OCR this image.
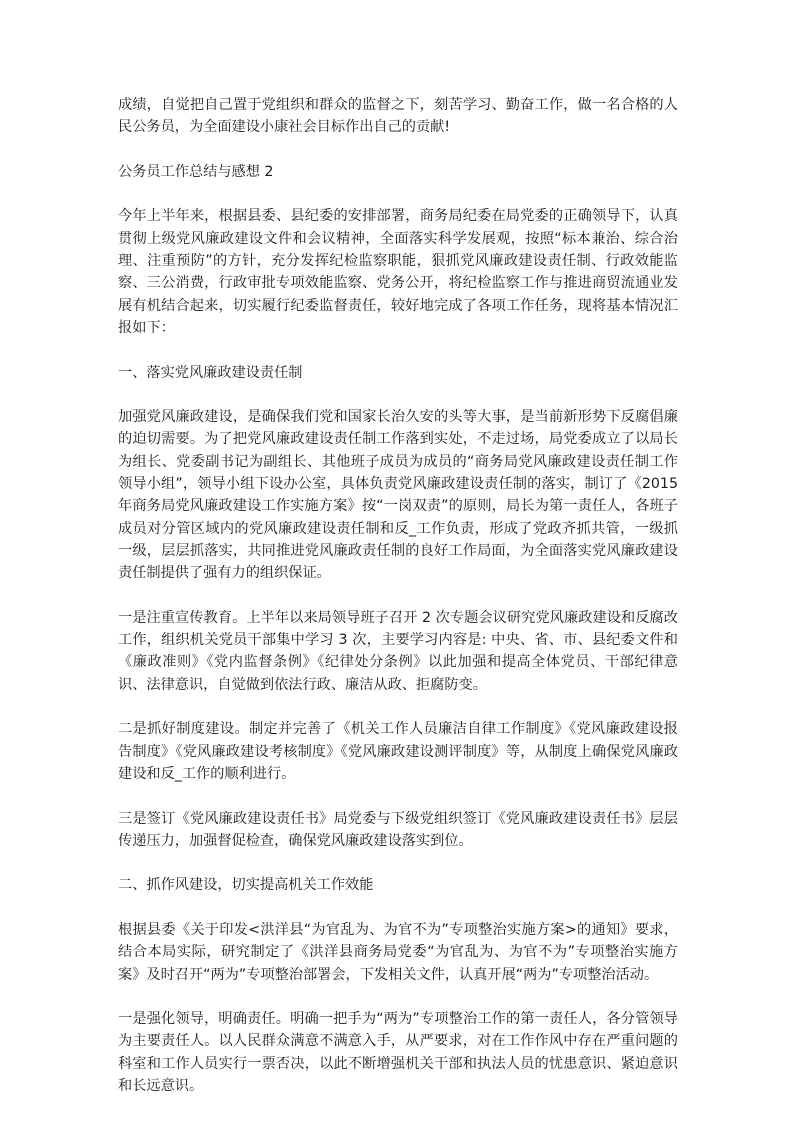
成绩，自觉把自己置于党组织和群众的监督之下，刻苦学习、勤奋工作，做一名合格的人民公务员，为全面建设小康社会目标作出自己的贡献!

公务员工作总结与感想 2

今年上半年来，根据县委、县纪委的安排部署，商务局纪委在局党委的正确领导下，认真贯彻上级党风廉政建设文件和会议精神，全面落实科学发展观，按照“标本兼治、综合治理、注重预防”的方针，充分发挥纪检监察职能，狠抓党风廉政建设责任制、行政效能监察、三公消费，行政审批专项效能监察、党务公开，将纪检监察工作与推进商贸流通业发展有机结合起来，切实履行纪委监督责任，较好地完成了各项工作任务，现将基本情况汇报如下：

一、落实党风廉政建设责任制

加强党风廉政建设，是确保我们党和国家长治久安的头等大事，是当前新形势下反腐倡廉的迫切需要。为了把党风廉政建设责任制工作落到实处，不走过场，局党委成立了以局长为组长、党委副书记为副组长、其他班子成员为成员的“商务局党风廉政建设责任制工作领导小组”，领导小组下设办公室，具体负责党风廉政建设责任制的落实，制订了《2015 年商务局党风廉政建设工作实施方案》按“一岗双责”的原则，局长为第一责任人，各班子成员对分管区域内的党风廉政建设责任制和反_工作负责，形成了党政齐抓共管，一级抓一级，层层抓落实，共同推进党风廉政责任制的良好工作局面，为全面落实党风廉政建设责任制提供了强有力的组织保证。

一是注重宣传教育。上半年以来局领导班子召开 2 次专题会议研究党风廉政建设和反腐改工作，组织机关党员干部集中学习 3 次，主要学习内容是: 中央、省、市、县纪委文件和《廉政准则》《党内监督条例》《纪律处分条例》以此加强和提高全体党员、干部纪律意识、法律意识，自觉做到依法行政、廉洁从政、拒腐防变。

二是抓好制度建设。制定并完善了《机关工作人员廉洁自律工作制度》《党风廉政建设报告制度》《党风廉政建设考核制度》《党风廉政建设测评制度》等，从制度上确保党风廉政建设和反_工作的顺利进行。

三是签订《党风廉政建设责任书》局党委与下级党组织签订《党风廉政建设责任书》层层传递压力，加强督促检查，确保党风廉政建设落实到位。

二、抓作风建设，切实提高机关工作效能

根据县委《关于印发<洪洋县“为官乱为、为官不为”专项整治实施方案>的通知》要求，结合本局实际，研究制定了《洪洋县商务局党委“为官乱为、为官不为”专项整治实施方案》及时召开“两为”专项整治部署会，下发相关文件，认真开展“两为”专项整治活动。

一是强化领导，明确责任。明确一把手为“两为”专项整治工作的第一责任人，各分管领导为主要责任人。以人民群众满意不满意入手，从严要求，对在工作作风中存在严重问题的科室和工作人员实行一票否决，以此不断增强机关干部和执法人员的忧患意识、紧迫意识和长远意识。
